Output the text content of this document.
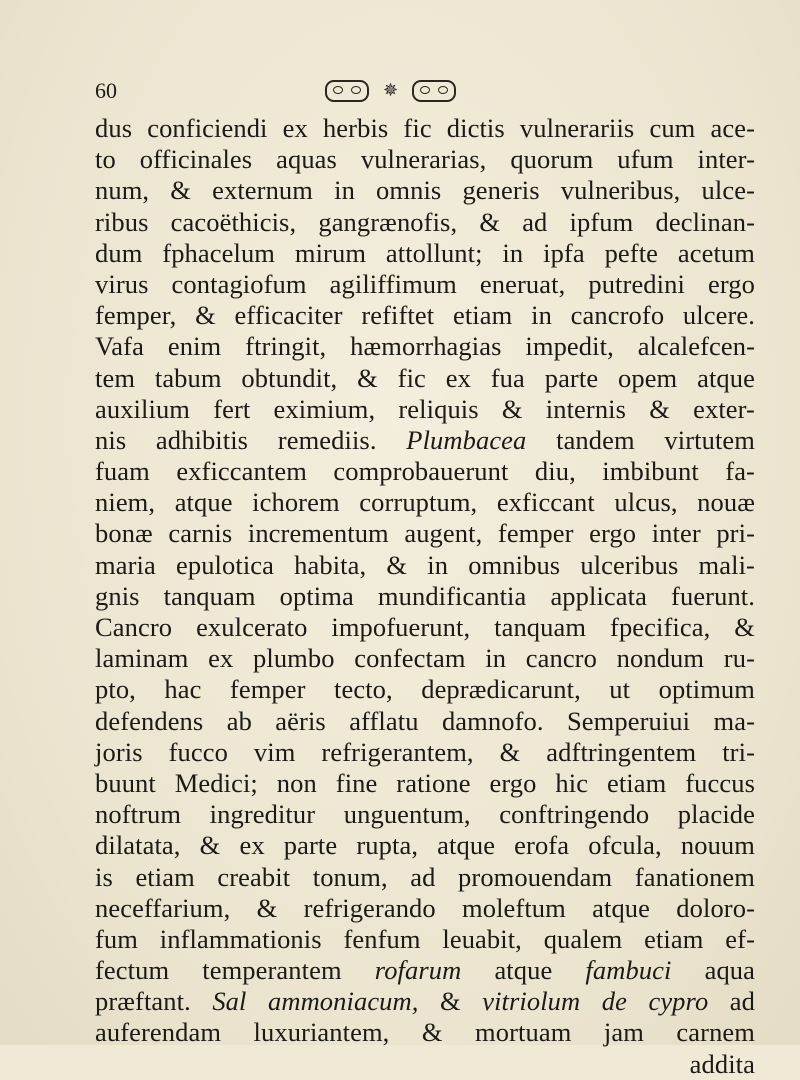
60	✵
dus conficiendi ex herbis fic dictis vulnerariis cum ace-
to officinales aquas vulnerarias, quorum ufum inter-
num, & externum in omnis generis vulneribus, ulce-
ribus cacoëthicis, gangrænofis, & ad ipfum declinan-
dum fphacelum mirum attollunt; in ipfa pefte acetum
virus contagiofum agiliffimum eneruat, putredini ergo
femper, & efficaciter refiftet etiam in cancrofo ulcere.
Vafa enim ftringit, hæmorrhagias impedit, alcalefcen-
tem tabum obtundit, & fic ex fua parte opem atque
auxilium fert eximium, reliquis & internis & exter-
nis adhibitis remediis. Plumbacea tandem virtutem
fuam exficcantem comprobauerunt diu, imbibunt fa-
niem, atque ichorem corruptum, exficcant ulcus, nouæ
bonæ carnis incrementum augent, femper ergo inter pri-
maria epulotica habita, & in omnibus ulceribus mali-
gnis tanquam optima mundificantia applicata fuerunt.
Cancro exulcerato impofuerunt, tanquam fpecifica, &
laminam ex plumbo confectam in cancro nondum ru-
pto, hac femper tecto, deprædicarunt, ut optimum
defendens ab aëris afflatu damnofo. Semperuiui ma-
joris fucco vim refrigerantem, & adftringentem tri-
buunt Medici; non fine ratione ergo hic etiam fuccus
noftrum ingreditur unguentum, conftringendo placide
dilatata, & ex parte rupta, atque erofa ofcula, nouum
is etiam creabit tonum, ad promouendam fanationem
neceffarium, & refrigerando moleftum atque doloro-
fum inflammationis fenfum leuabit, qualem etiam ef-
fectum temperantem rofarum atque fambuci aqua
præftant. Sal ammoniacum, & vitriolum de cypro ad
auferendam luxuriantem, & mortuam jam carnem
addita
